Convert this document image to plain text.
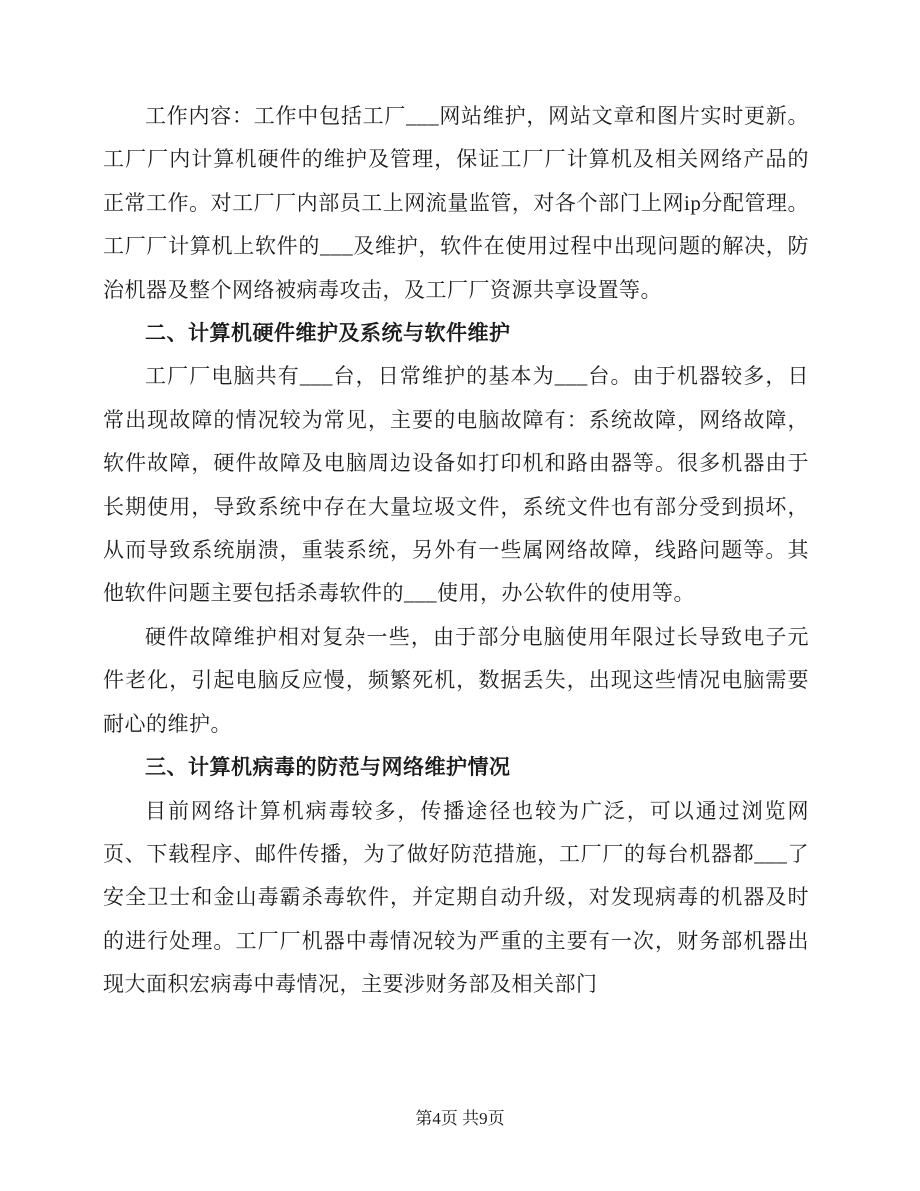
工作内容：工作中包括工厂___网站维护，网站文章和图片实时更新。工厂厂内计算机硬件的维护及管理，保证工厂厂计算机及相关网络产品的正常工作。对工厂厂内部员工上网流量监管，对各个部门上网ip分配管理。工厂厂计算机上软件的___及维护，软件在使用过程中出现问题的解决，防治机器及整个网络被病毒攻击，及工厂厂资源共享设置等。

二、计算机硬件维护及系统与软件维护

工厂厂电脑共有___台，日常维护的基本为___台。由于机器较多，日常出现故障的情况较为常见，主要的电脑故障有：系统故障，网络故障，软件故障，硬件故障及电脑周边设备如打印机和路由器等。很多机器由于长期使用，导致系统中存在大量垃圾文件，系统文件也有部分受到损坏，从而导致系统崩溃，重装系统，另外有一些属网络故障，线路问题等。其他软件问题主要包括杀毒软件的___使用，办公软件的使用等。

硬件故障维护相对复杂一些，由于部分电脑使用年限过长导致电子元件老化，引起电脑反应慢，频繁死机，数据丢失，出现这些情况电脑需要耐心的维护。

三、计算机病毒的防范与网络维护情况

目前网络计算机病毒较多，传播途径也较为广泛，可以通过浏览网页、下载程序、邮件传播，为了做好防范措施，工厂厂的每台机器都___了安全卫士和金山毒霸杀毒软件，并定期自动升级，对发现病毒的机器及时的进行处理。工厂厂机器中毒情况较为严重的主要有一次，财务部机器出现大面积宏病毒中毒情况，主要涉财务部及相关部门

第4页 共9页
